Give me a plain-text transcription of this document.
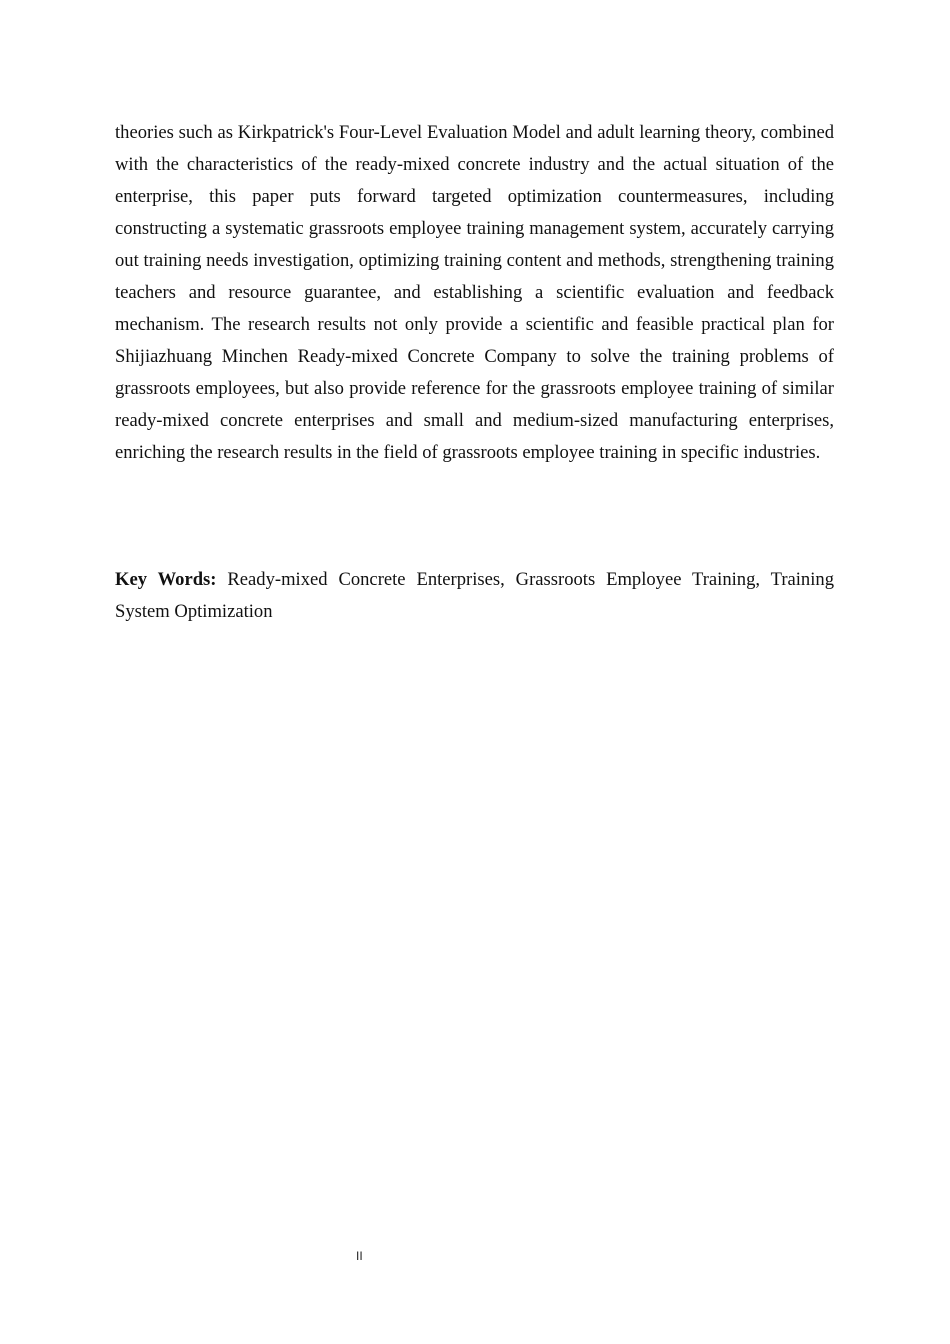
theories such as Kirkpatrick's Four-Level Evaluation Model and adult learning theory, combined with the characteristics of the ready-mixed concrete industry and the actual situation of the enterprise, this paper puts forward targeted optimization countermeasures, including constructing a systematic grassroots employee training management system, accurately carrying out training needs investigation, optimizing training content and methods, strengthening training teachers and resource guarantee, and establishing a scientific evaluation and feedback mechanism. The research results not only provide a scientific and feasible practical plan for Shijiazhuang Minchen Ready-mixed Concrete Company to solve the training problems of grassroots employees, but also provide reference for the grassroots employee training of similar ready-mixed concrete enterprises and small and medium-sized manufacturing enterprises, enriching the research results in the field of grassroots employee training in specific industries.

Key Words: Ready-mixed Concrete Enterprises, Grassroots Employee Training, Training System Optimization

II
